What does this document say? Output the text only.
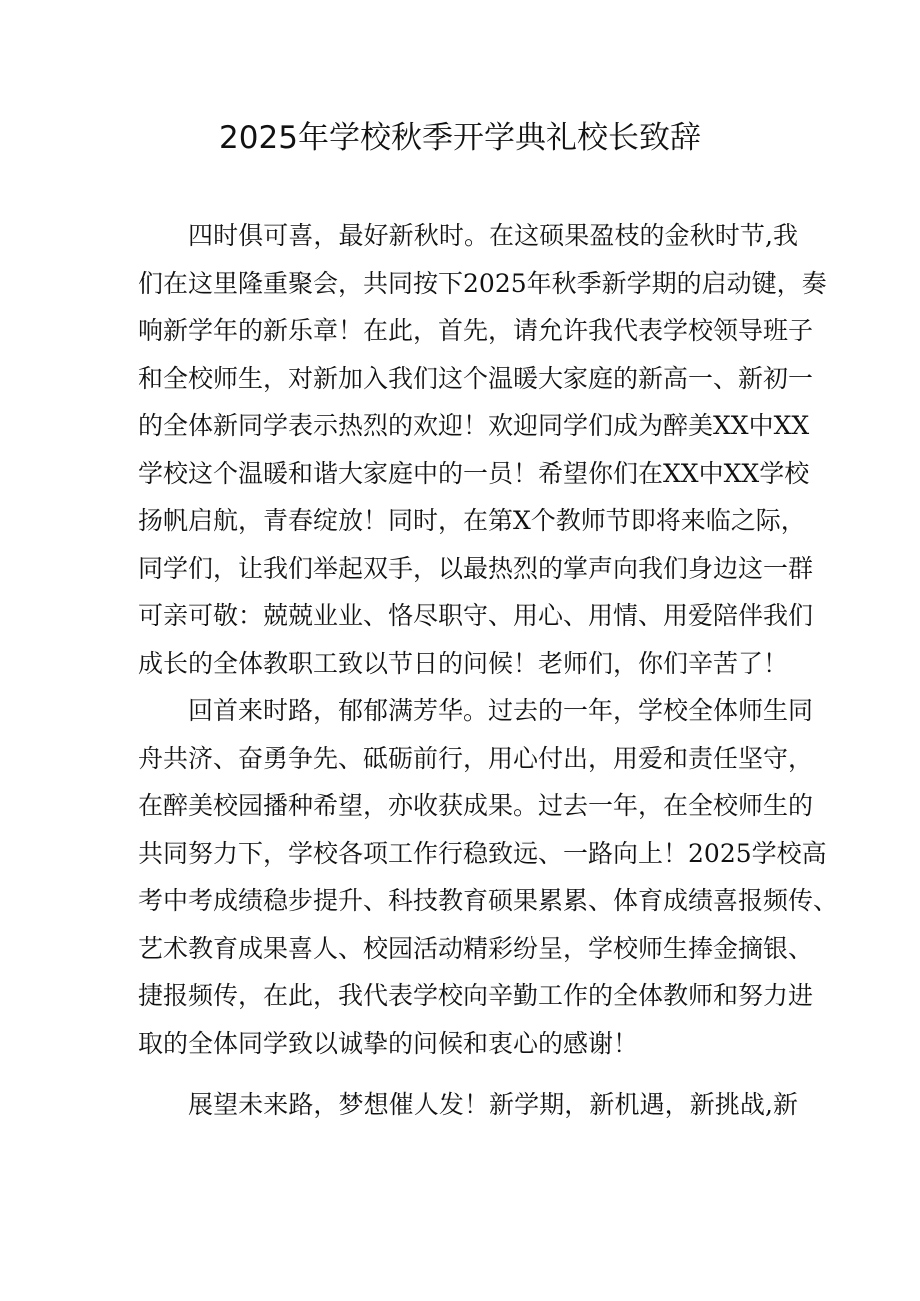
2025年学校秋季开学典礼校长致辞
四时俱可喜，最好新秋时。在这硕果盈枝的金秋时节,我
们在这里隆重聚会，共同按下2025年秋季新学期的启动键，奏
响新学年的新乐章！在此，首先，请允许我代表学校领导班子
和全校师生，对新加入我们这个温暖大家庭的新高一、新初一
的全体新同学表示热烈的欢迎！欢迎同学们成为醉美XX中XX
学校这个温暖和谐大家庭中的一员！希望你们在XX中XX学校
扬帆启航，青春绽放！同时，在第X个教师节即将来临之际，
同学们，让我们举起双手，以最热烈的掌声向我们身边这一群
可亲可敬：兢兢业业、恪尽职守、用心、用情、用爱陪伴我们
成长的全体教职工致以节日的问候！老师们，你们辛苦了！
回首来时路，郁郁满芳华。过去的一年，学校全体师生同
舟共济、奋勇争先、砥砺前行，用心付出，用爱和责任坚守，
在醉美校园播种希望，亦收获成果。过去一年，在全校师生的
共同努力下，学校各项工作行稳致远、一路向上！2025学校高
考中考成绩稳步提升、科技教育硕果累累、体育成绩喜报频传、
艺术教育成果喜人、校园活动精彩纷呈，学校师生捧金摘银、
捷报频传，在此，我代表学校向辛勤工作的全体教师和努力进
取的全体同学致以诚挚的问候和衷心的感谢！
展望未来路，梦想催人发！新学期，新机遇，新挑战,新
